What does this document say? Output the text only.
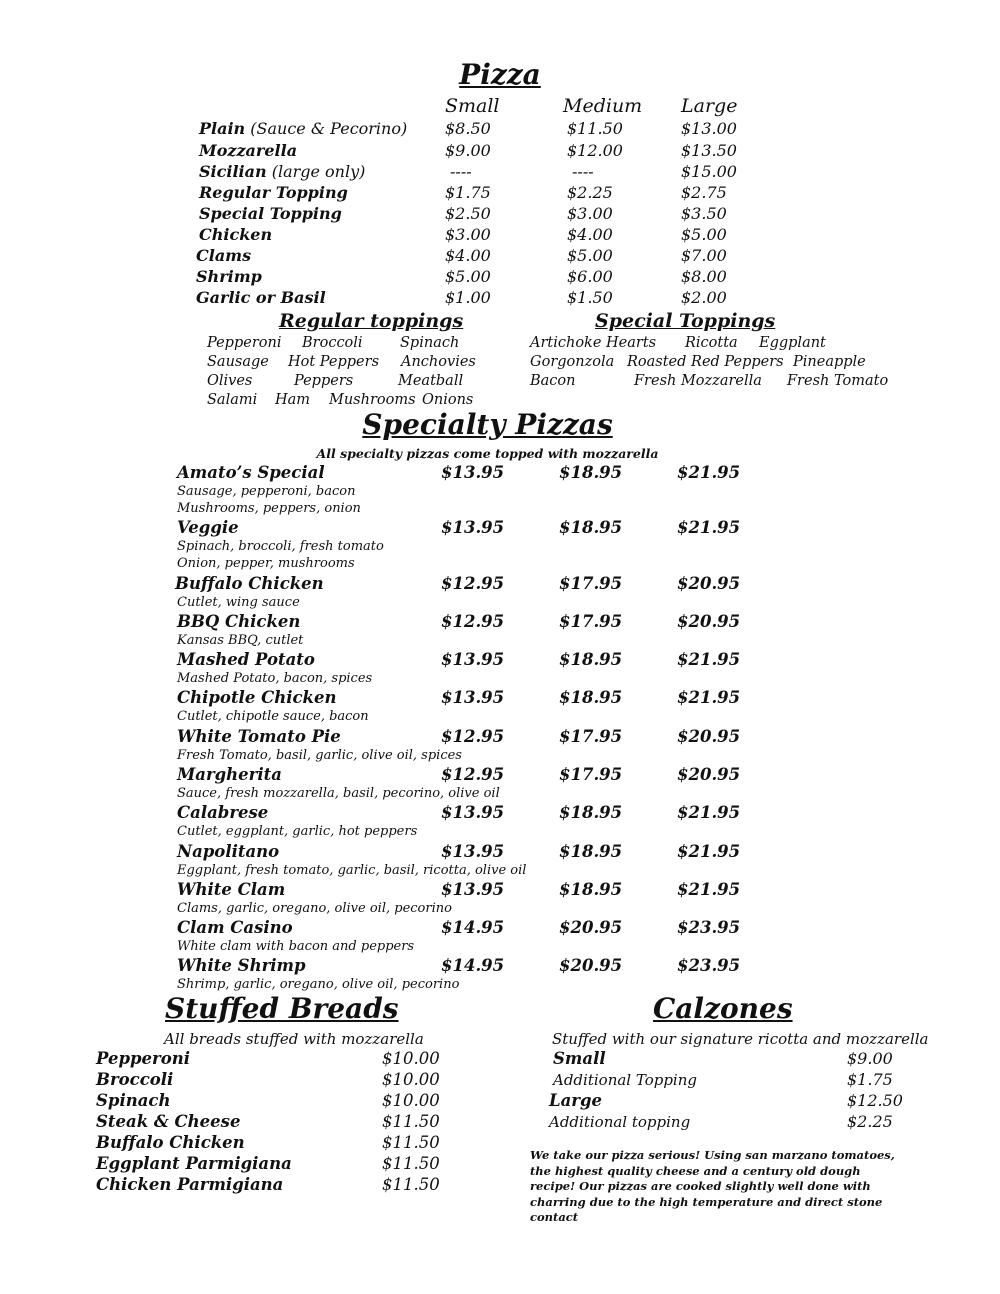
Pizza
Small	Medium Large
Plain (Sauce & Pecorino) $8.50	$11.50	$13.00
Mozzarella	$9.00	$12.00	$13.50
Sicilian (large only)	----	----	$15.00
Regular Topping	$1.75	$2.25	$2.75
Special Topping	$2.50	$3.00	$3.50
Chicken	$3.00	$4.00	$5.00
Clams	$4.00	$5.00	$7.00
Shrimp	$5.00	$6.00	$8.00
Garlic or Basil	$1.00	$1.50	$2.00
Regular toppings	Special Toppings
Pepperoni Broccoli	Spinach
Sausage Hot Peppers Anchovies
Olives	Peppers	Meatball
Salami Ham Mushrooms Onions
Artichoke Hearts Ricotta Eggplant
Gorgonzola Roasted Red Peppers Pineapple
Bacon	Fresh Mozzarella Fresh Tomato
Specialty Pizzas
All specialty pizzas come topped with mozzarella
Amato’s Special	$13.95	$18.95	$21.95
Sausage, pepperoni, bacon
Mushrooms, peppers, onion
Veggie	$13.95	$18.95	$21.95
Spinach, broccoli, fresh tomato
Onion, pepper, mushrooms
Buffalo Chicken	$12.95	$17.95	$20.95
Cutlet, wing sauce
BBQ Chicken	$12.95	$17.95	$20.95
Kansas BBQ, cutlet
Mashed Potato	$13.95	$18.95	$21.95
Mashed Potato, bacon, spices
Chipotle Chicken	$13.95	$18.95	$21.95
Cutlet, chipotle sauce, bacon
White Tomato Pie	$12.95	$17.95	$20.95
Fresh Tomato, basil, garlic, olive oil, spices
Margherita	$12.95	$17.95	$20.95
Sauce, fresh mozzarella, basil, pecorino, olive oil
Calabrese	$13.95	$18.95	$21.95
Cutlet, eggplant, garlic, hot peppers
Napolitano	$13.95	$18.95	$21.95
Eggplant, fresh tomato, garlic, basil, ricotta, olive oil
White Clam	$13.95	$18.95	$21.95
Clams, garlic, oregano, olive oil, pecorino
Clam Casino	$14.95	$20.95	$23.95
White clam with bacon and peppers
White Shrimp	$14.95	$20.95	$23.95
Shrimp, garlic, oregano, olive oil, pecorino
Stuffed Breads
All breads stuffed with mozzarella
Pepperoni	$10.00
Broccoli	$10.00
Spinach	$10.00
Steak & Cheese	$11.50
Buffalo Chicken	$11.50
Eggplant Parmigiana	$11.50
Chicken Parmigiana	$11.50
Calzones
Stuffed with our signature ricotta and mozzarella
Small	$9.00
Additional Topping	$1.75
Large	$12.50
Additional topping	$2.25
We take our pizza serious! Using san marzano tomatoes, the highest quality cheese and a century old dough recipe! Our pizzas are cooked slightly well done with charring due to the high temperature and direct stone contact
